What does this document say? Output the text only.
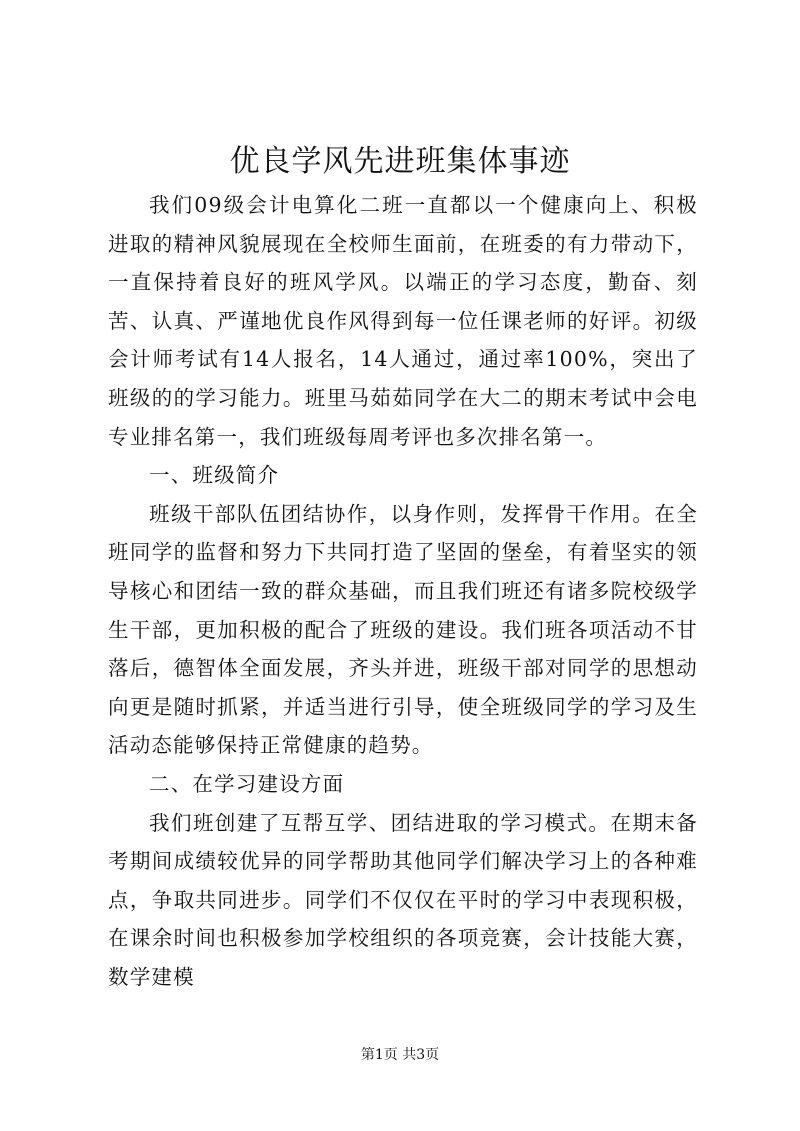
优良学风先进班集体事迹

我们09级会计电算化二班一直都以一个健康向上、积极进取的精神风貌展现在全校师生面前，在班委的有力带动下，一直保持着良好的班风学风。以端正的学习态度，勤奋、刻苦、认真、严谨地优良作风得到每一位任课老师的好评。初级会计师考试有14人报名，14人通过，通过率100%，突出了班级的的学习能力。班里马茹茹同学在大二的期末考试中会电专业排名第一，我们班级每周考评也多次排名第一。

一、班级简介

班级干部队伍团结协作，以身作则，发挥骨干作用。在全班同学的监督和努力下共同打造了坚固的堡垒，有着坚实的领导核心和团结一致的群众基础，而且我们班还有诸多院校级学生干部，更加积极的配合了班级的建设。我们班各项活动不甘落后，德智体全面发展，齐头并进，班级干部对同学的思想动向更是随时抓紧，并适当进行引导，使全班级同学的学习及生活动态能够保持正常健康的趋势。

二、在学习建设方面

我们班创建了互帮互学、团结进取的学习模式。在期末备考期间成绩较优异的同学帮助其他同学们解决学习上的各种难点，争取共同进步。同学们不仅仅在平时的学习中表现积极，在课余时间也积极参加学校组织的各项竞赛，会计技能大赛，数学建模

第1页 共3页
